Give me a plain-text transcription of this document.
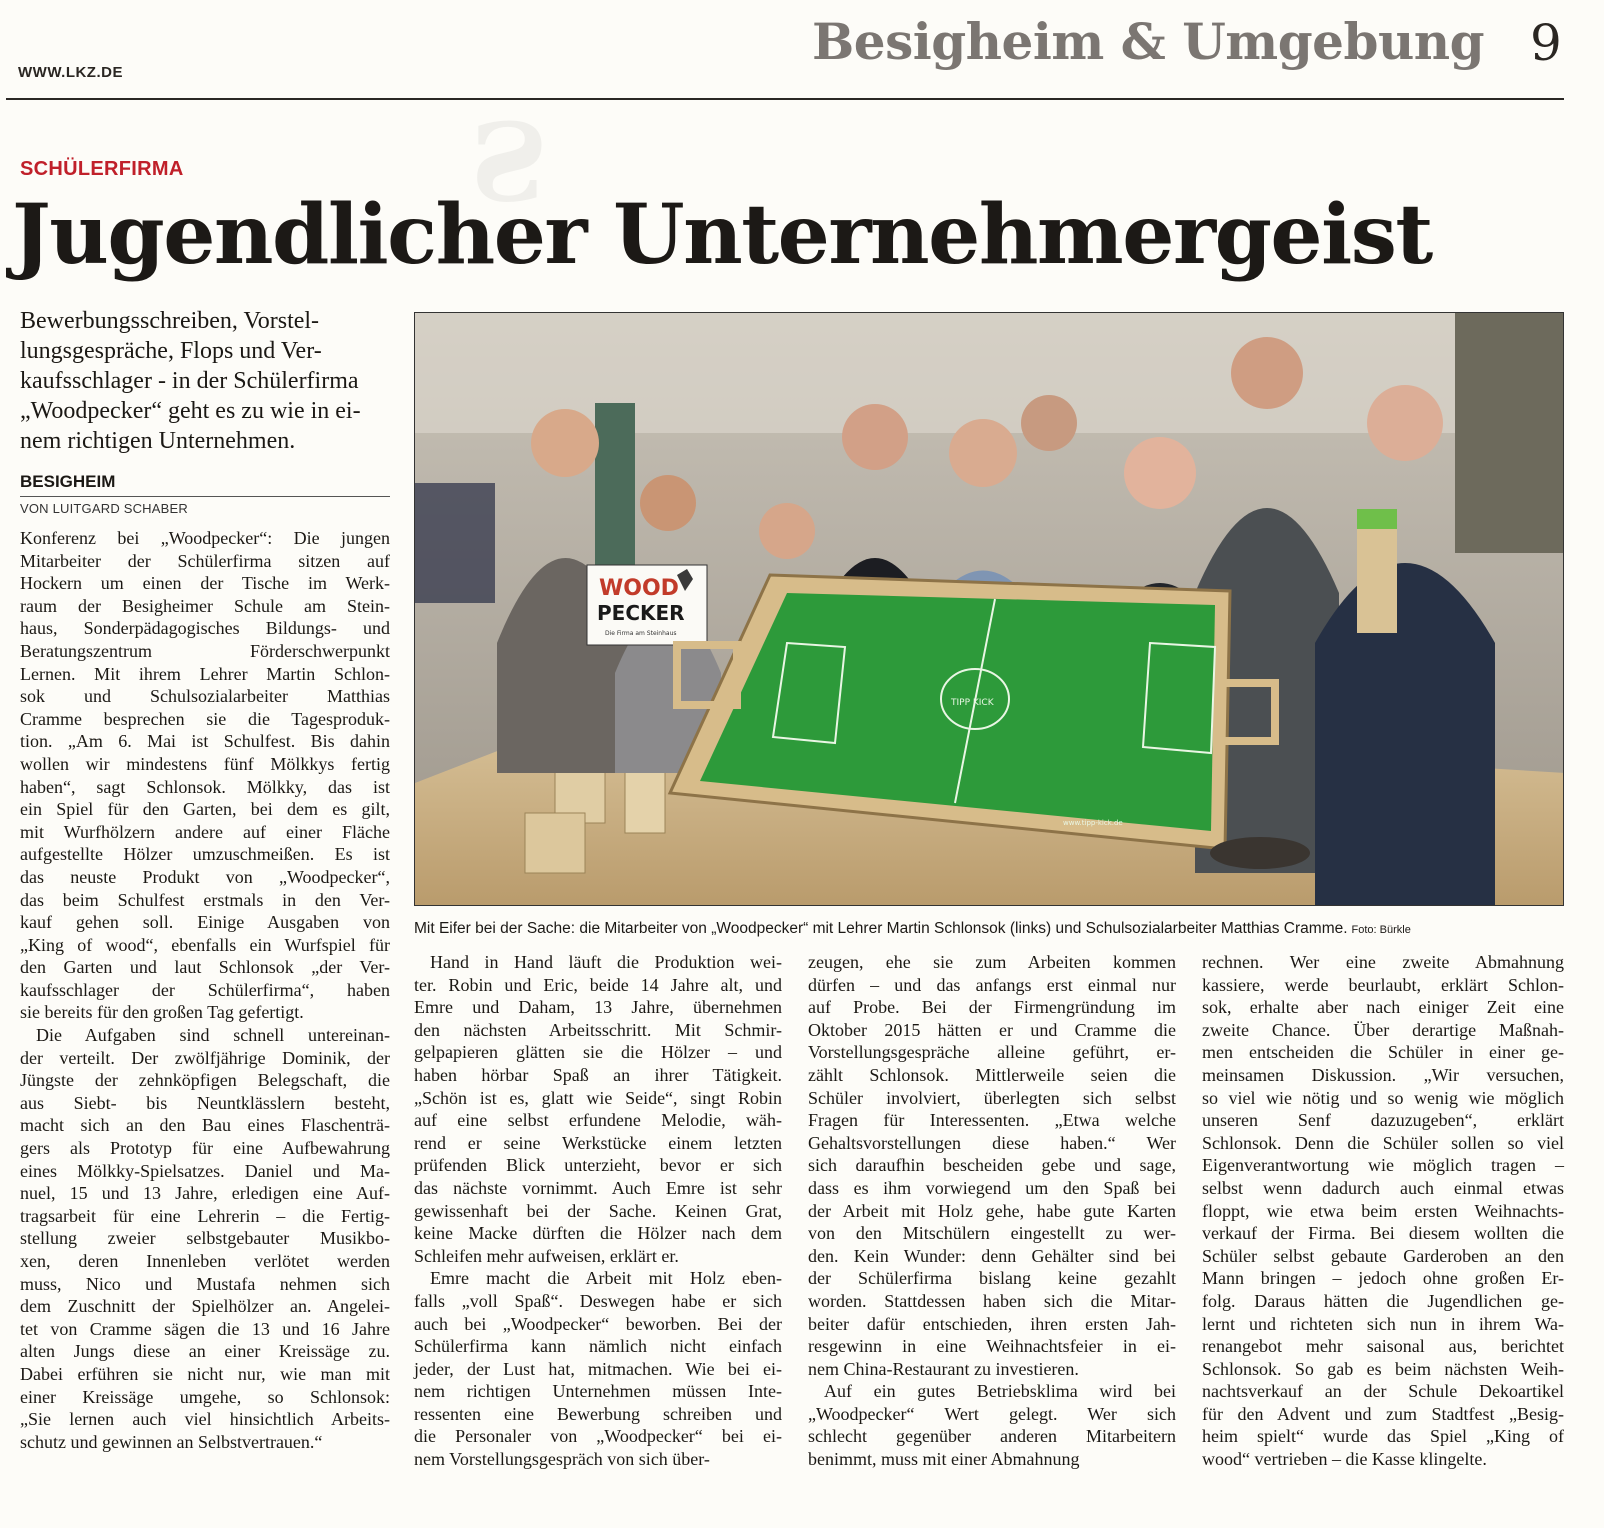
WWW.LKZ.DE
Besigheim & Umgebung 9
S
SCHÜLERFIRMA
Jugendlicher Unternehmergeist

Bewerbungsschreiben, Vorstel-
lungsgespräche, Flops und Ver-
kaufsschlager - in der Schülerfirma
„Woodpecker“ geht es zu wie in ei-
nem richtigen Unternehmen.

BESIGHEIM
VON LUITGARD SCHABER
Konferenz bei „Woodpecker“: Die jungen
Mitarbeiter der Schülerfirma sitzen auf
Hockern um einen der Tische im Werk-
raum der Besigheimer Schule am Stein-
haus, Sonderpädagogisches Bildungs- und
Beratungszentrum Förderschwerpunkt
Lernen. Mit ihrem Lehrer Martin Schlon-
sok und Schulsozialarbeiter Matthias
Cramme besprechen sie die Tagesproduk-
tion. „Am 6. Mai ist Schulfest. Bis dahin
wollen wir mindestens fünf Mölkkys fertig
haben“, sagt Schlonsok. Mölkky, das ist
ein Spiel für den Garten, bei dem es gilt,
mit Wurfhölzern andere auf einer Fläche
aufgestellte Hölzer umzuschmeißen. Es ist
das neuste Produkt von „Woodpecker“,
das beim Schulfest erstmals in den Ver-
kauf gehen soll. Einige Ausgaben von
„King of wood“, ebenfalls ein Wurfspiel für
den Garten und laut Schlonsok „der Ver-
kaufsschlager der Schülerfirma“, haben
sie bereits für den großen Tag gefertigt.
Die Aufgaben sind schnell untereinan-
der verteilt. Der zwölfjährige Dominik, der
Jüngste der zehnköpfigen Belegschaft, die
aus Siebt- bis Neuntklässlern besteht,
macht sich an den Bau eines Flaschenträ-
gers als Prototyp für eine Aufbewahrung
eines Mölkky-Spielsatzes. Daniel und Ma-
nuel, 15 und 13 Jahre, erledigen eine Auf-
tragsarbeit für eine Lehrerin – die Fertig-
stellung zweier selbstgebauter Musikbo-
xen, deren Innenleben verlötet werden
muss, Nico und Mustafa nehmen sich
dem Zuschnitt der Spielhölzer an. Angelei-
tet von Cramme sägen die 13 und 16 Jahre
alten Jungs diese an einer Kreissäge zu.
Dabei erführen sie nicht nur, wie man mit
einer Kreissäge umgehe, so Schlonsok:
„Sie lernen auch viel hinsichtlich Arbeits-
schutz und gewinnen an Selbstvertrauen.“
Hand in Hand läuft die Produktion wei-
ter. Robin und Eric, beide 14 Jahre alt, und
Emre und Daham, 13 Jahre, übernehmen
den nächsten Arbeitsschritt. Mit Schmir-
gelpapieren glätten sie die Hölzer – und
haben hörbar Spaß an ihrer Tätigkeit.
„Schön ist es, glatt wie Seide“, singt Robin
auf eine selbst erfundene Melodie, wäh-
rend er seine Werkstücke einem letzten
prüfenden Blick unterzieht, bevor er sich
das nächste vornimmt. Auch Emre ist sehr
gewissenhaft bei der Sache. Keinen Grat,
keine Macke dürften die Hölzer nach dem
Schleifen mehr aufweisen, erklärt er.
Emre macht die Arbeit mit Holz eben-
falls „voll Spaß“. Deswegen habe er sich
auch bei „Woodpecker“ beworben. Bei der
Schülerfirma kann nämlich nicht einfach
jeder, der Lust hat, mitmachen. Wie bei ei-
nem richtigen Unternehmen müssen Inte-
ressenten eine Bewerbung schreiben und
die Personaler von „Woodpecker“ bei ei-
nem Vorstellungsgespräch von sich über-
zeugen, ehe sie zum Arbeiten kommen
dürfen – und das anfangs erst einmal nur
auf Probe. Bei der Firmengründung im
Oktober 2015 hätten er und Cramme die
Vorstellungsgespräche alleine geführt, er-
zählt Schlonsok. Mittlerweile seien die
Schüler involviert, überlegten sich selbst
Fragen für Interessenten. „Etwa welche
Gehaltsvorstellungen diese haben.“ Wer
sich daraufhin bescheiden gebe und sage,
dass es ihm vorwiegend um den Spaß bei
der Arbeit mit Holz gehe, habe gute Karten
von den Mitschülern eingestellt zu wer-
den. Kein Wunder: denn Gehälter sind bei
der Schülerfirma bislang keine gezahlt
worden. Stattdessen haben sich die Mitar-
beiter dafür entschieden, ihren ersten Jah-
resgewinn in eine Weihnachtsfeier in ei-
nem China-Restaurant zu investieren.
Auf ein gutes Betriebsklima wird bei
„Woodpecker“ Wert gelegt. Wer sich
schlecht gegenüber anderen Mitarbeitern
benimmt, muss mit einer Abmahnung
rechnen. Wer eine zweite Abmahnung
kassiere, werde beurlaubt, erklärt Schlon-
sok, erhalte aber nach einiger Zeit eine
zweite Chance. Über derartige Maßnah-
men entscheiden die Schüler in einer ge-
meinsamen Diskussion. „Wir versuchen,
so viel wie nötig und so wenig wie möglich
unseren Senf dazuzugeben“, erklärt
Schlonsok. Denn die Schüler sollen so viel
Eigenverantwortung wie möglich tragen –
selbst wenn dadurch auch einmal etwas
floppt, wie etwa beim ersten Weihnachts-
verkauf der Firma. Bei diesem wollten die
Schüler selbst gebaute Garderoben an den
Mann bringen – jedoch ohne großen Er-
folg. Daraus hätten die Jugendlichen ge-
lernt und richteten sich nun in ihrem Wa-
renangebot mehr saisonal aus, berichtet
Schlonsok. So gab es beim nächsten Weih-
nachtsverkauf an der Schule Dekoartikel
für den Advent und zum Stadtfest „Besig-
heim spielt“ wurde das Spiel „King of
wood“ vertrieben – die Kasse klingelte.
WOOD
PECKER
Die Firma am Steinhaus
TIPP KICK
www.tipp-kick.de
Mit Eifer bei der Sache: die Mitarbeiter von „Woodpecker“ mit Lehrer Martin Schlonsok (links) und Schulsozialarbeiter Matthias Cramme. Foto: Bürkle
